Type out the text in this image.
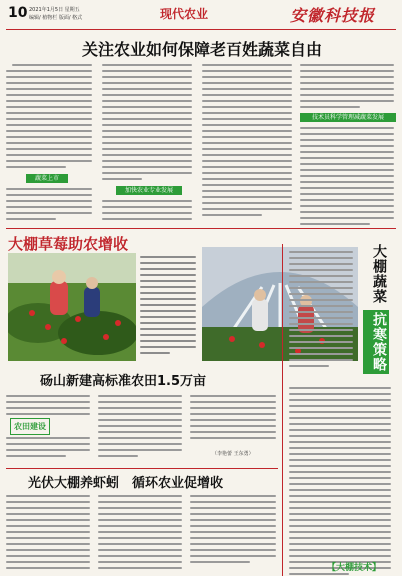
10 2021年1月5日 星期五
编辑/ 植物栏 版面/ 格式	现代农业	安徽科技报
关注农业如何保障老百姓蔬菜自由
蔬菜上市
加快农业专业发展
技术员科学管理减蔬菜发展
大棚草莓助农增收	大棚蔬菜
抗寒策略
【大棚技术】
砀山新建高标准农田1.5万亩
农田建设
（李艳蕾 王东勇）
光伏大棚养虾蚓　循环农业促增收
